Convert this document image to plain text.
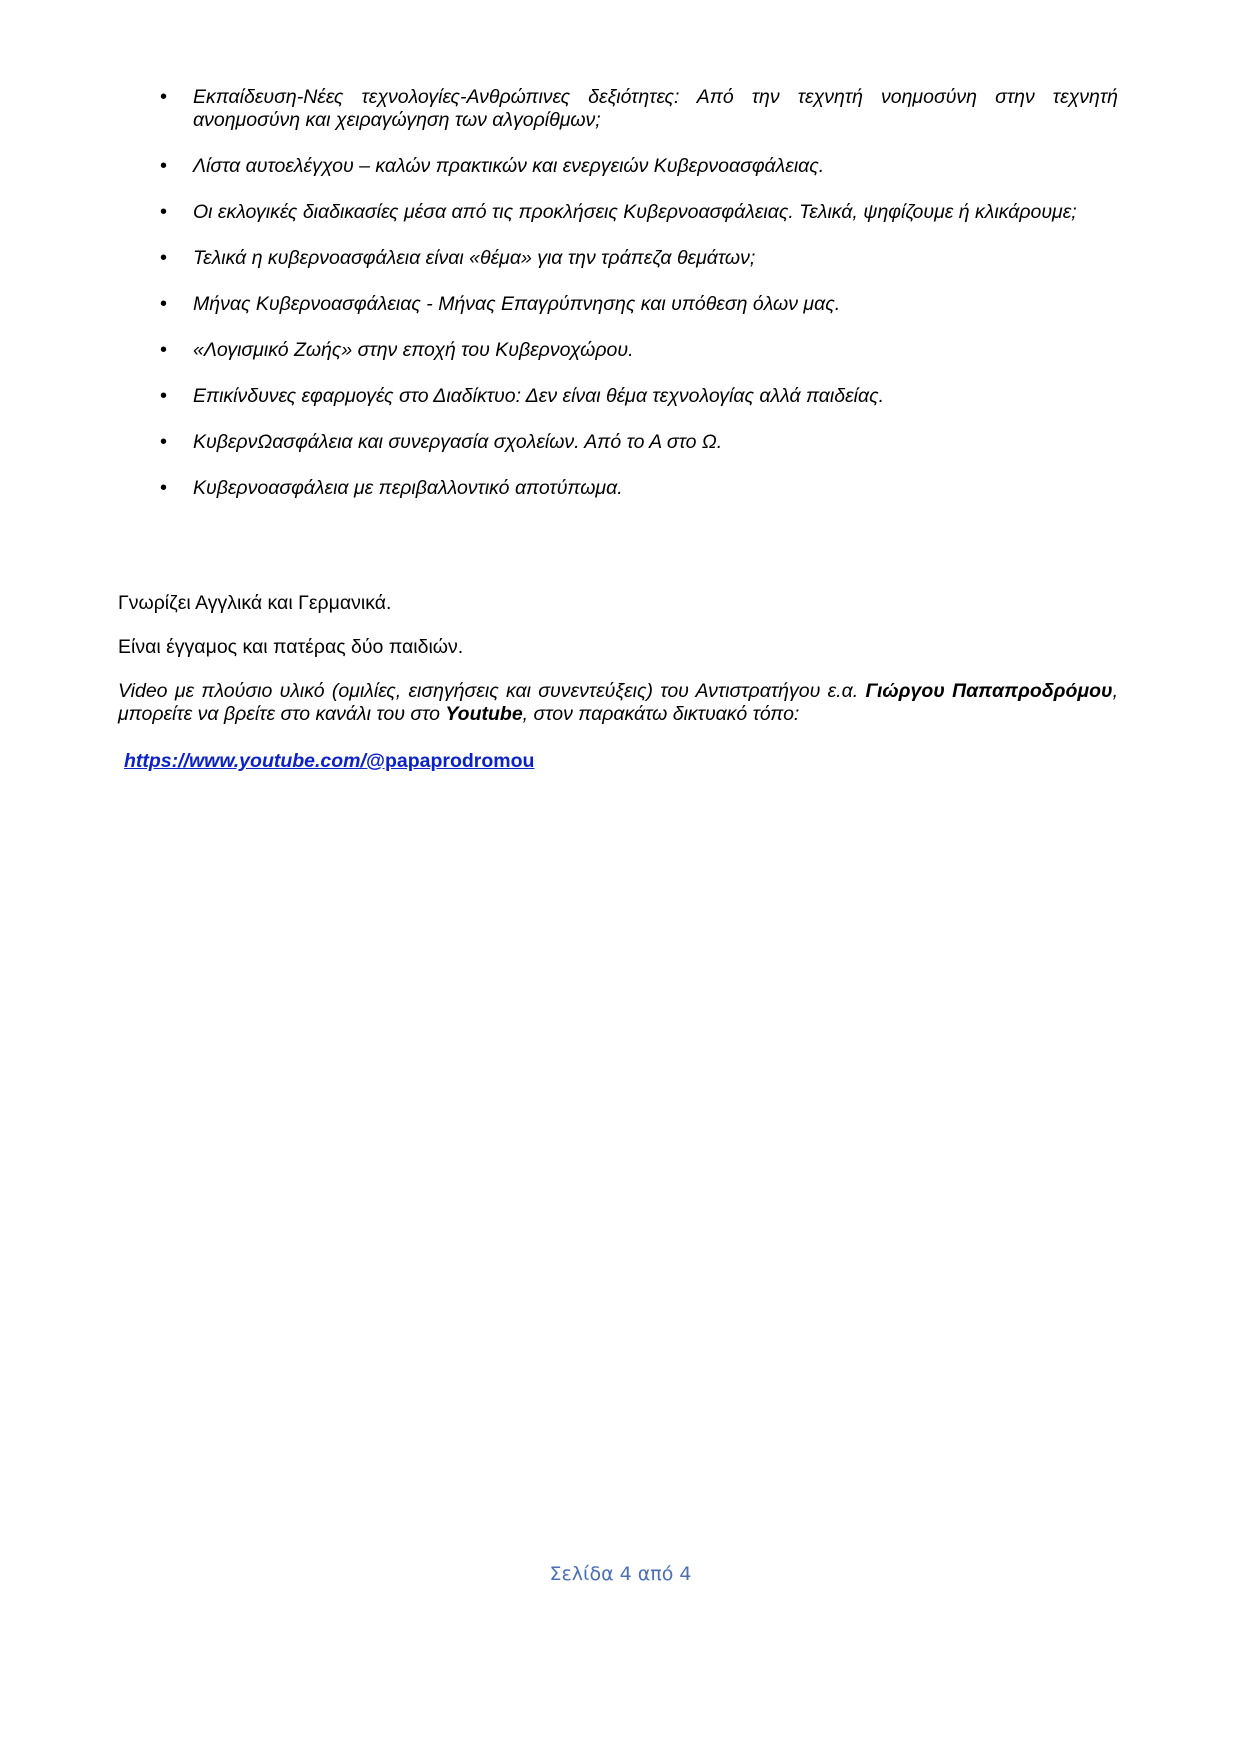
• Εκπαίδευση-Νέες τεχνολογίες-Ανθρώπινες δεξιότητες: Από την τεχνητή νοημοσύνη στην τεχνητή ανοημοσύνη και χειραγώγηση των αλγορίθμων;
• Λίστα αυτοελέγχου – καλών πρακτικών και ενεργειών Κυβερνοασφάλειας.
• Οι εκλογικές διαδικασίες μέσα από τις προκλήσεις Κυβερνοασφάλειας. Τελικά, ψηφίζουμε ή κλικάρουμε;
• Τελικά η κυβερνοασφάλεια είναι «θέμα» για την τράπεζα θεμάτων;
• Μήνας Κυβερνοασφάλειας - Μήνας Επαγρύπνησης και υπόθεση όλων μας.
• «Λογισμικό Ζωής» στην εποχή του Κυβερνοχώρου.
• Επικίνδυνες εφαρμογές στο Διαδίκτυο: Δεν είναι θέμα τεχνολογίας αλλά παιδείας.
• ΚυβερνΩασφάλεια και συνεργασία σχολείων. Από το Α στο Ω.
• Κυβερνοασφάλεια με περιβαλλοντικό αποτύπωμα.
Γνωρίζει Αγγλικά και Γερμανικά.
Είναι έγγαμος και πατέρας δύο παιδιών.
Video με πλούσιο υλικό (ομιλίες, εισηγήσεις και συνεντεύξεις) του Αντιστρατήγου ε.α. Γιώργου Παπαπροδρόμου, μπορείτε να βρείτε στο κανάλι του στο Youtube, στον παρακάτω δικτυακό τόπο:
https://www.youtube.com/@papaprodromou
Σελίδα 4 από 4
